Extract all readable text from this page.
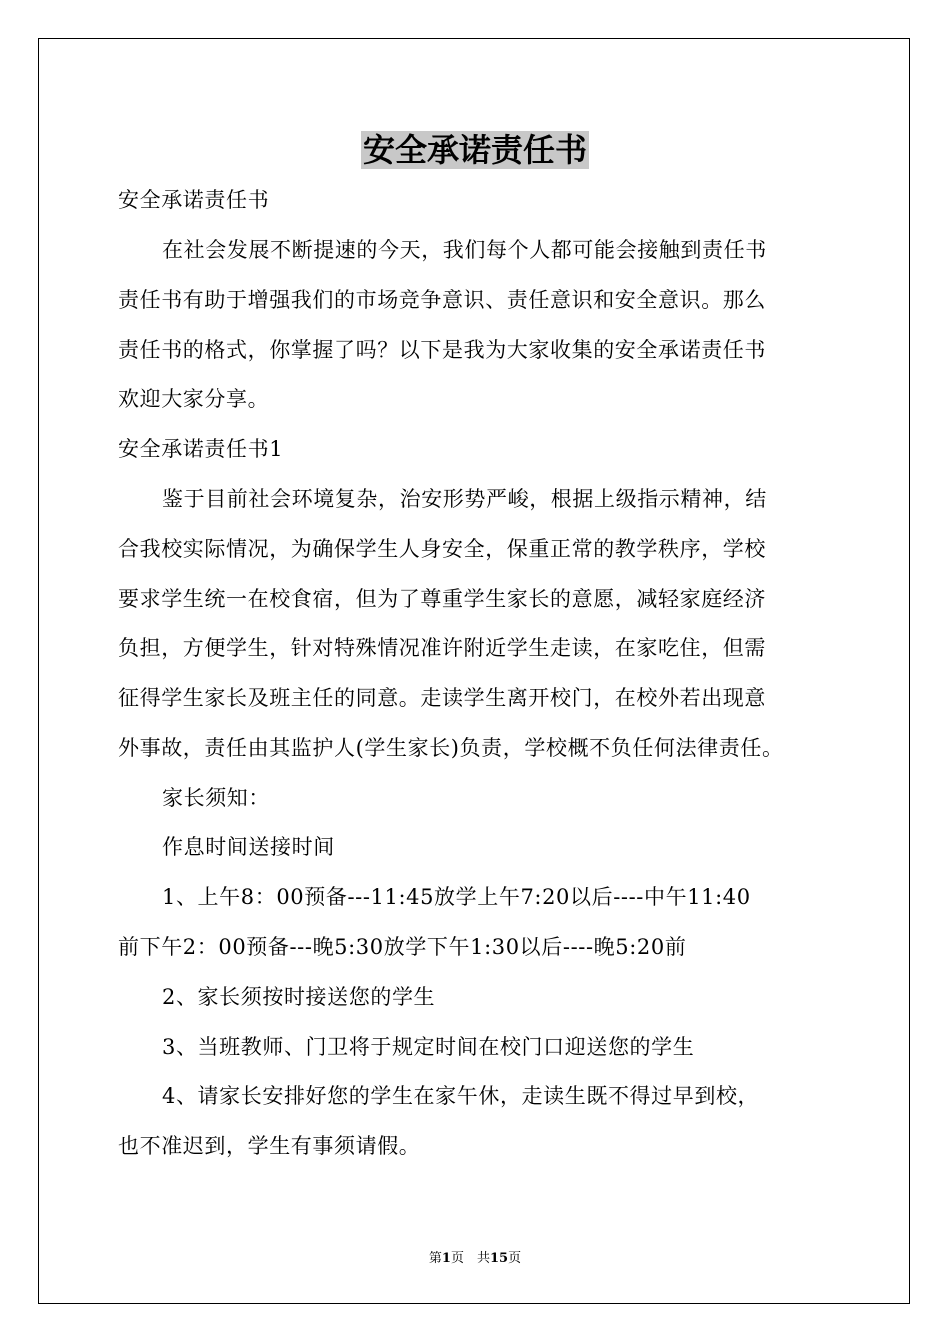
安全承诺责任书
安全承诺责任书
在社会发展不断提速的今天，我们每个人都可能会接触到责任书
责任书有助于增强我们的市场竞争意识、责任意识和安全意识。那么
责任书的格式，你掌握了吗？以下是我为大家收集的安全承诺责任书
欢迎大家分享。
安全承诺责任书1
鉴于目前社会环境复杂，治安形势严峻，根据上级指示精神，结
合我校实际情况，为确保学生人身安全，保重正常的教学秩序，学校
要求学生统一在校食宿，但为了尊重学生家长的意愿，减轻家庭经济
负担，方便学生，针对特殊情况准许附近学生走读，在家吃住，但需
征得学生家长及班主任的同意。走读学生离开校门，在校外若出现意
外事故，责任由其监护人(学生家长)负责，学校概不负任何法律责任。
家长须知：
作息时间送接时间
1、上午8：00预备---11:45放学上午7:20以后----中午11:40
前下午2：00预备---晚5:30放学下午1:30以后----晚5:20前
2、家长须按时接送您的学生
3、当班教师、门卫将于规定时间在校门口迎送您的学生
4、请家长安排好您的学生在家午休，走读生既不得过早到校，
也不准迟到，学生有事须请假。
第1页　共15页
